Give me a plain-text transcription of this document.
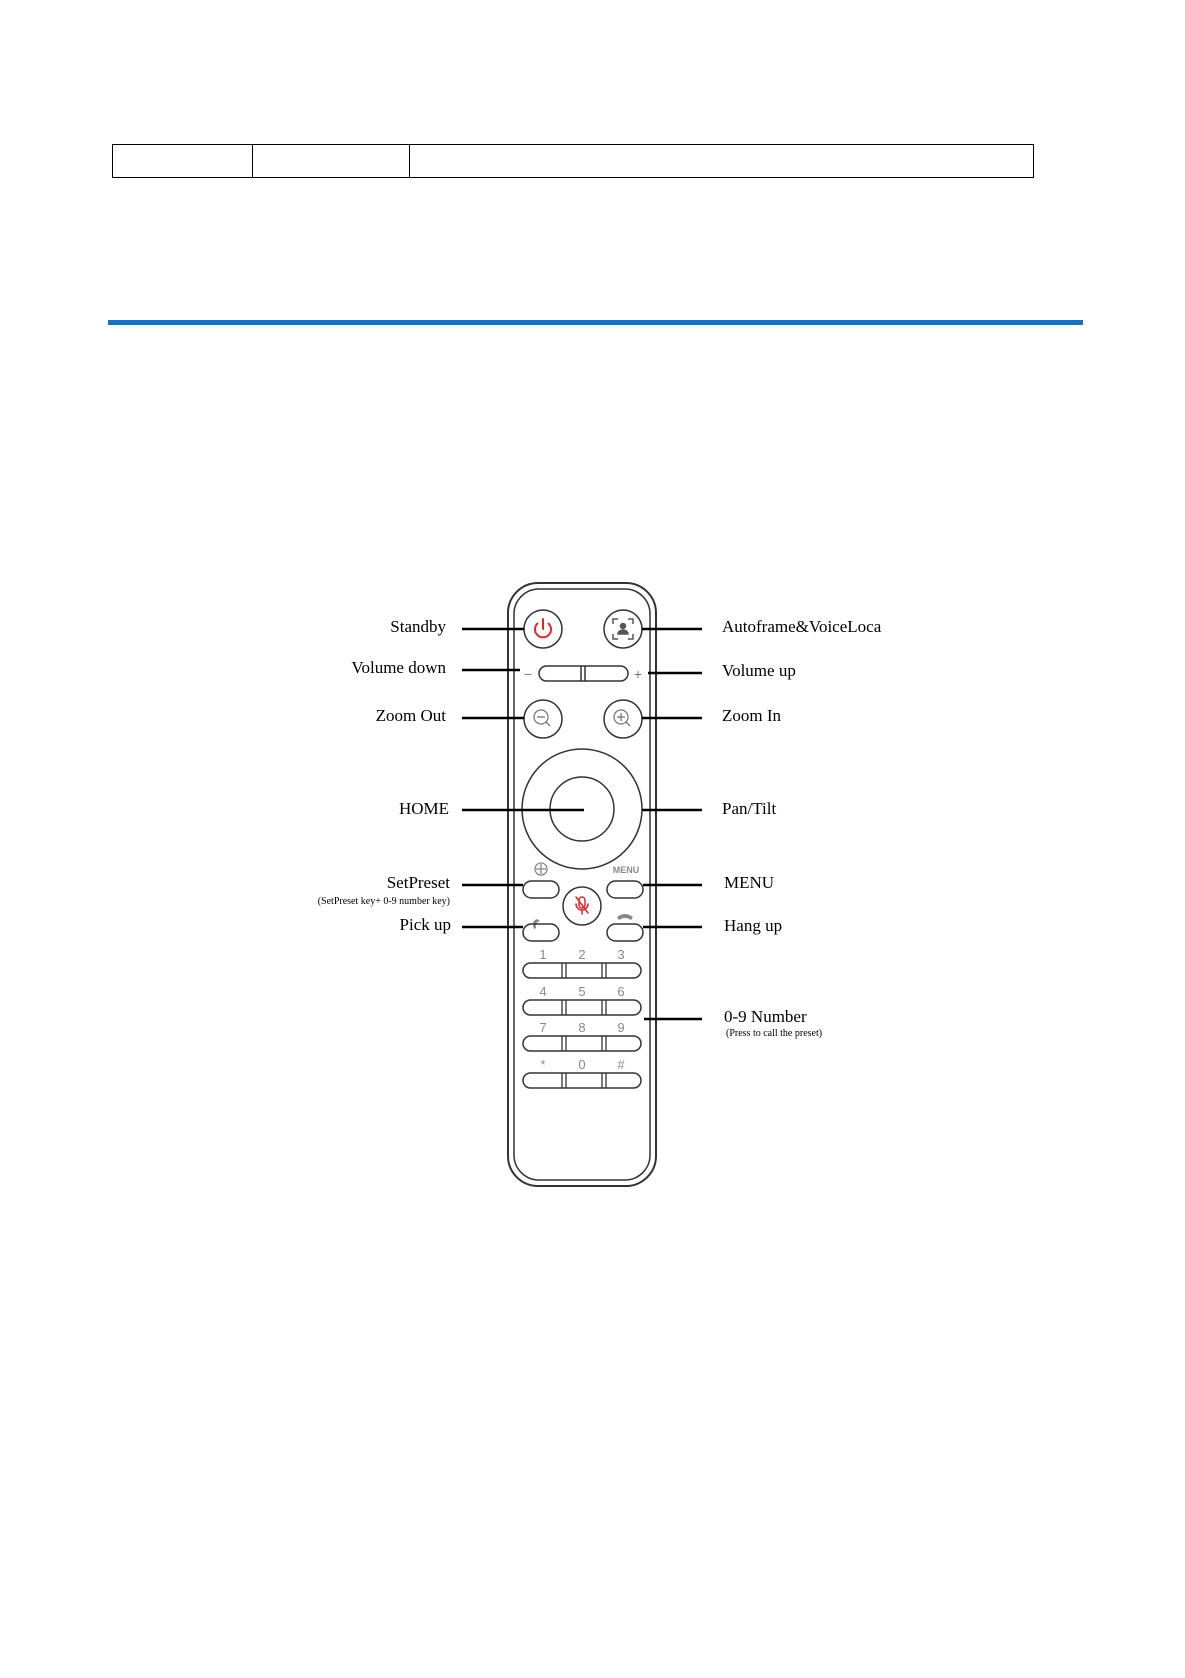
−	+
MENU
1 2 3
4 5 6
7 8 9
*	0 #
Standby
Volume down
Zoom Out
HOME
SetPreset
(SetPreset key+ 0-9 number key)
Pick up
Autoframe&VoiceLoca
Volume up
Zoom In
Pan/Tilt
MENU
Hang up
0-9 Number
(Press to call the preset)
